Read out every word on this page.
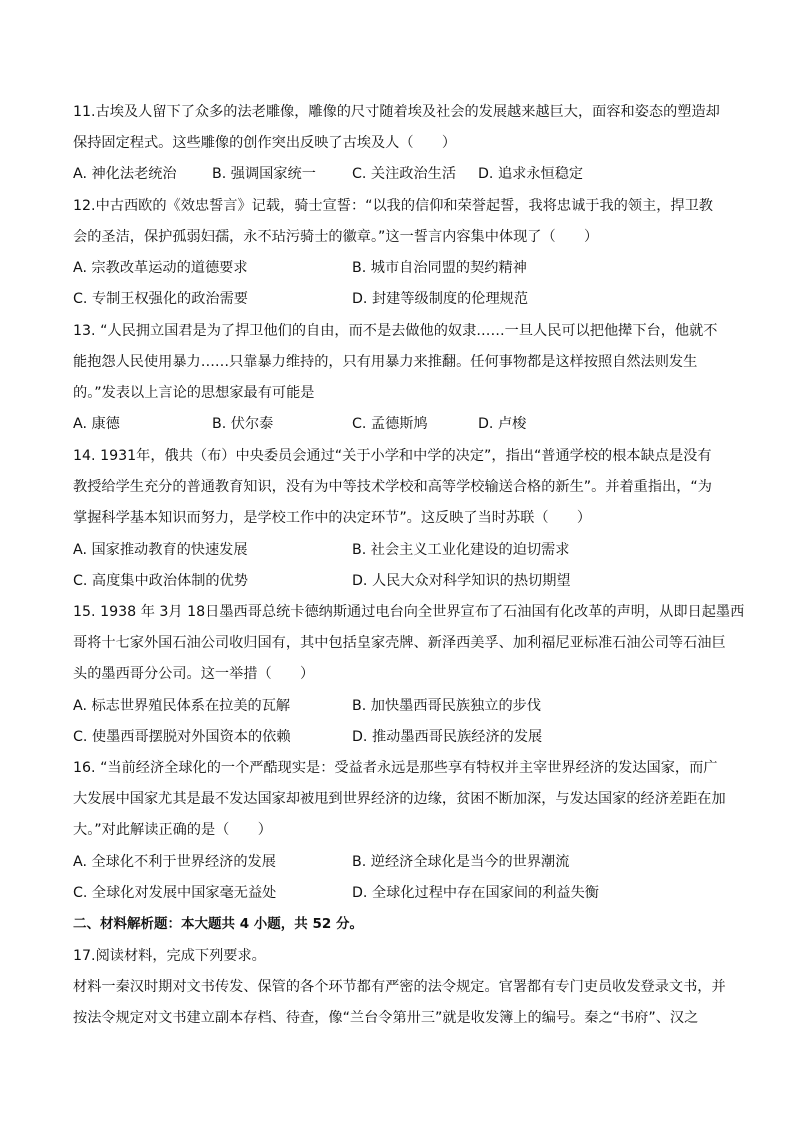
11.古埃及人留下了众多的法老雕像，雕像的尺寸随着埃及社会的发展越来越巨大，面容和姿态的塑造却
保持固定程式。这些雕像的创作突出反映了古埃及人（　　）
A. 神化法老统治 B. 强调国家统一	C. 关注政治生活 D. 追求永恒稳定
12.中古西欧的《效忠誓言》记载，骑士宣誓：“以我的信仰和荣誉起誓，我将忠诚于我的领主，捍卫教
会的圣洁，保护孤弱妇孺，永不玷污骑士的徽章。”这一誓言内容集中体现了（　　）
A. 宗教改革运动的道德要求	B. 城市自治同盟的契约精神
C. 专制王权强化的政治需要	D. 封建等级制度的伦理规范
13. “人民拥立国君是为了捍卫他们的自由，而不是去做他的奴隶……一旦人民可以把他撵下台，他就不
能抱怨人民使用暴力……只靠暴力维持的，只有用暴力来推翻。任何事物都是这样按照自然法则发生
的。”发表以上言论的思想家最有可能是
A. 康德	B. 伏尔泰	C. 孟德斯鸠	D. 卢梭
14. 1931年，俄共（布）中央委员会通过“关于小学和中学的决定”，指出“普通学校的根本缺点是没有
教授给学生充分的普通教育知识，没有为中等技术学校和高等学校输送合格的新生”。并着重指出，“为
掌握科学基本知识而努力，是学校工作中的决定环节”。这反映了当时苏联（　　）
A. 国家推动教育的快速发展	B. 社会主义工业化建设的迫切需求
C. 高度集中政治体制的优势	D. 人民大众对科学知识的热切期望
15. 1938 年 3月 18日墨西哥总统卡德纳斯通过电台向全世界宣布了石油国有化改革的声明，从即日起墨西
哥将十七家外国石油公司收归国有，其中包括皇家壳牌、新泽西美孚、加利福尼亚标准石油公司等石油巨
头的墨西哥分公司。这一举措（　　）
A. 标志世界殖民体系在拉美的瓦解	B. 加快墨西哥民族独立的步伐
C. 使墨西哥摆脱对外国资本的依赖	D. 推动墨西哥民族经济的发展
16. “当前经济全球化的一个严酷现实是：受益者永远是那些享有特权并主宰世界经济的发达国家，而广
大发展中国家尤其是最不发达国家却被甩到世界经济的边缘，贫困不断加深，与发达国家的经济差距在加
大。”对此解读正确的是（　　）
A. 全球化不利于世界经济的发展	B. 逆经济全球化是当今的世界潮流
C. 全球化对发展中国家毫无益处	D. 全球化过程中存在国家间的利益失衡
二、材料解析题：本大题共 4 小题，共 52 分。
17.阅读材料，完成下列要求。
材料一秦汉时期对文书传发、保管的各个环节都有严密的法令规定。官署都有专门吏员收发登录文书，并
按法令规定对文书建立副本存档、待查，像“兰台令第卅三”就是收发簿上的编号。秦之“书府”、汉之
